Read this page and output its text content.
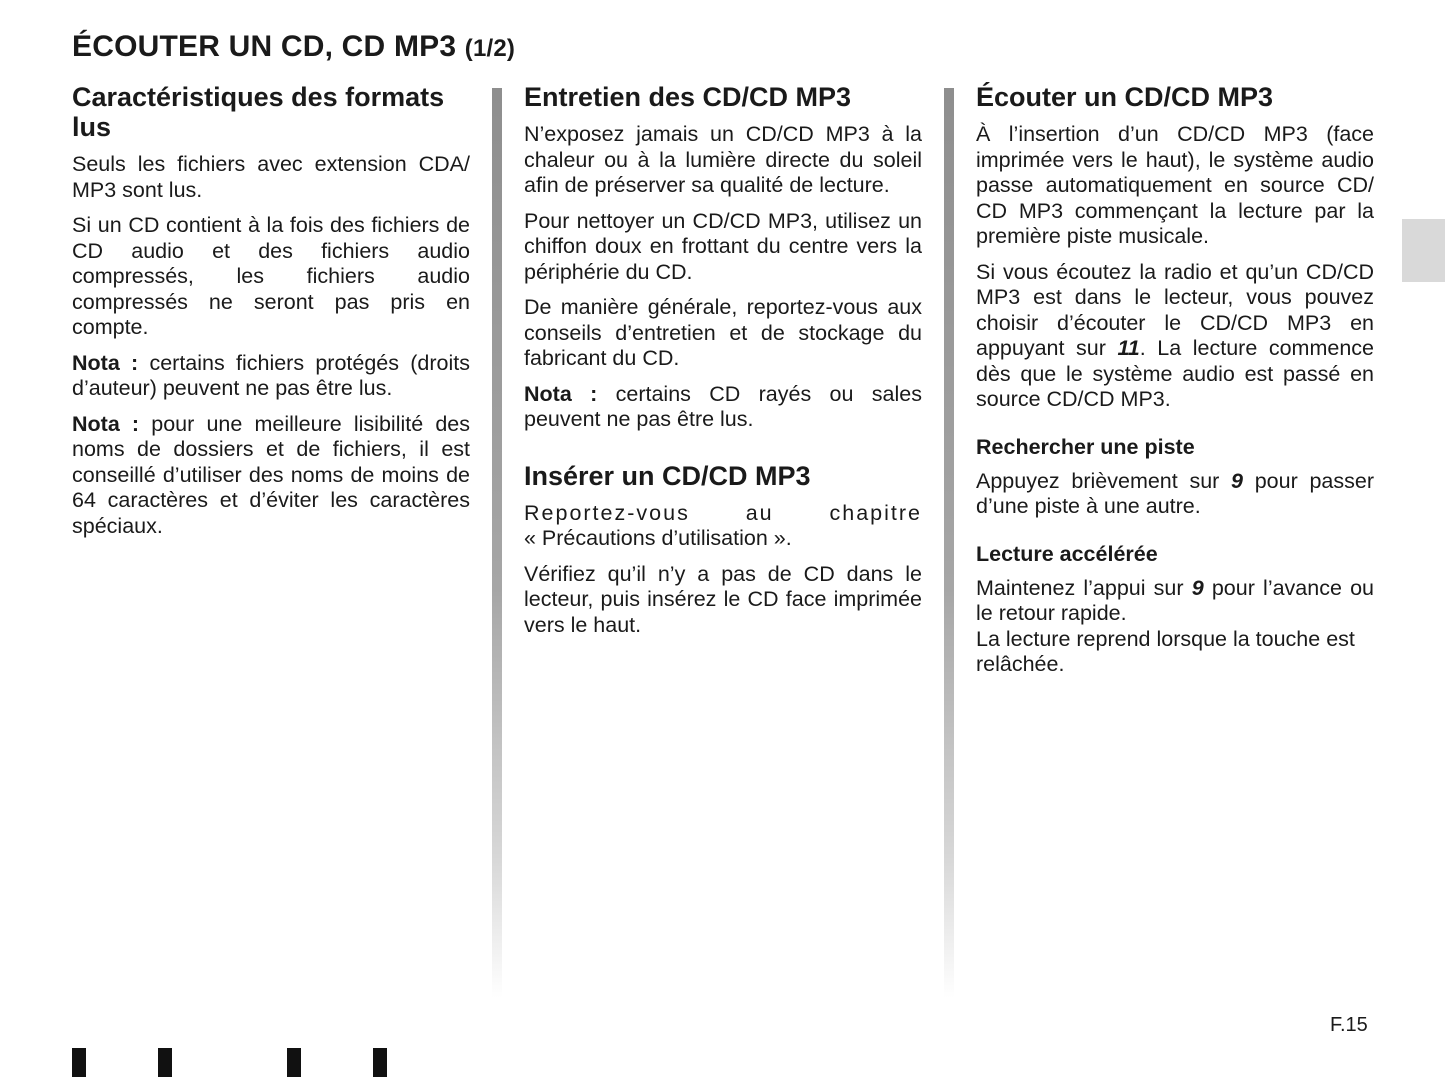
ÉCOUTER UN CD, CD MP3 (1/2)
Caractéristiques des formats lus

Seuls les fichiers avec extension CDA/ MP3 sont lus.

Si un CD contient à la fois des fichiers de CD audio et des fichiers audio compressés, les fichiers audio compressés ne seront pas pris en compte.

Nota : certains fichiers protégés (droits d’auteur) peuvent ne pas être lus.

Nota : pour une meilleure lisibilité des noms de dossiers et de fichiers, il est conseillé d’utiliser des noms de moins de 64 caractères et d’éviter les caractères spéciaux.

Entretien des CD/CD MP3

N’exposez jamais un CD/CD MP3 à la chaleur ou à la lumière directe du soleil afin de préserver sa qualité de lecture.

Pour nettoyer un CD/CD MP3, utilisez un chiffon doux en frottant du centre vers la périphérie du CD.

De manière générale, reportez-vous aux conseils d’entretien et de stockage du fabricant du CD.

Nota : certains CD rayés ou sales peuvent ne pas être lus.

Insérer un CD/CD MP3

Reportez-vous au chapitre

« Précautions d’utilisation ».

Vérifiez qu’il n’y a pas de CD dans le lecteur, puis insérez le CD face imprimée vers le haut.

Écouter un CD/CD MP3

À l’insertion d’un CD/CD MP3 (face imprimée vers le haut), le système audio passe automatiquement en source CD/ CD MP3 commençant la lecture par la première piste musicale.

Si vous écoutez la radio et qu’un CD/CD MP3 est dans le lecteur, vous pouvez choisir d’écouter le CD/CD MP3 en appuyant sur 11. La lecture commence dès que le système audio est passé en source CD/CD MP3.

Rechercher une piste

Appuyez brièvement sur 9 pour passer d’une piste à une autre.

Lecture accélérée

Maintenez l’appui sur 9 pour l’avance ou le retour rapide.

La lecture reprend lorsque la touche est relâchée.

F.15
